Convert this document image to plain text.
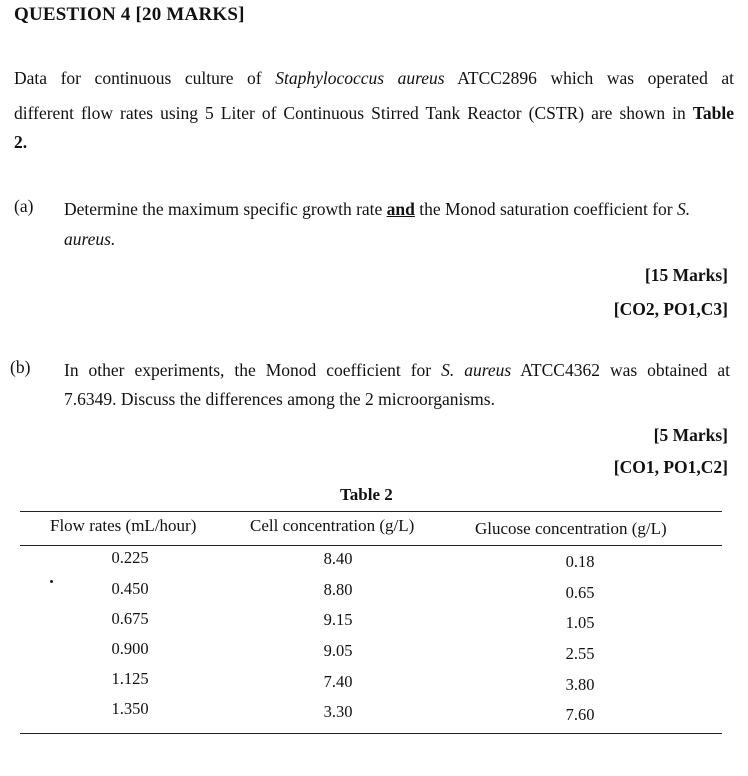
QUESTION 4 [20 MARKS]
Data for continuous culture of Staphylococcus aureus ATCC2896 which was operated at
different flow rates using 5 Liter of Continuous Stirred Tank Reactor (CSTR) are shown in Table
2.
(a) Determine the maximum specific growth rate and the Monod saturation coefficient for S.
aureus.
[15 Marks]
[CO2, PO1,C3]
(b) In other experiments, the Monod coefficient for S. aureus ATCC4362 was obtained at
7.6349. Discuss the differences among the 2 microorganisms.
[5 Marks]
[CO1, PO1,C2]
Table 2
Flow rates (mL/hour)	Cell concentration (g/L)	Glucose concentration (g/L)
0.225	8.40	0.18
0.450	8.80	0.65
0.675	9.15	1.05
0.900	9.05	2.55
1.125	7.40	3.80
1.350	3.30	7.60
